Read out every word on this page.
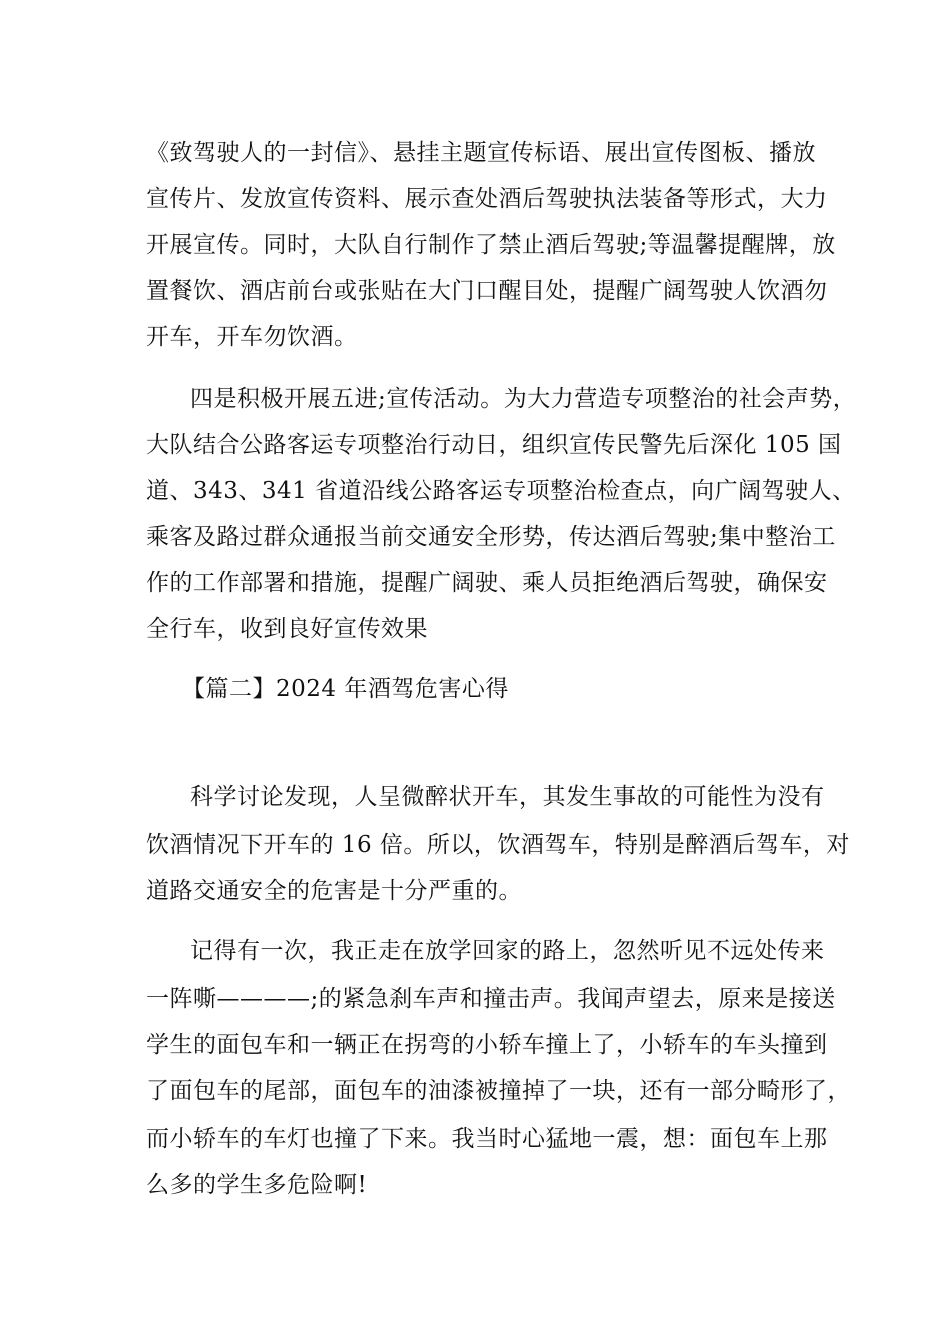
《致驾驶人的一封信》、悬挂主题宣传标语、展出宣传图板、播放
宣传片、发放宣传资料、展示查处酒后驾驶执法装备等形式，大力
开展宣传。同时，大队自行制作了禁止酒后驾驶;等温馨提醒牌，放
置餐饮、酒店前台或张贴在大门口醒目处，提醒广阔驾驶人饮酒勿
开车，开车勿饮酒。
四是积极开展五进;宣传活动。为大力营造专项整治的社会声势，
大队结合公路客运专项整治行动日，组织宣传民警先后深化 105 国
道、343、341 省道沿线公路客运专项整治检查点，向广阔驾驶人、
乘客及路过群众通报当前交通安全形势，传达酒后驾驶;集中整治工
作的工作部署和措施，提醒广阔驶、乘人员拒绝酒后驾驶，确保安
全行车，收到良好宣传效果
【篇二】2024 年酒驾危害心得
科学讨论发现，人呈微醉状开车，其发生事故的可能性为没有
饮酒情况下开车的 16 倍。所以，饮酒驾车，特别是醉酒后驾车，对
道路交通安全的危害是十分严重的。
记得有一次，我正走在放学回家的路上，忽然听见不远处传来
一阵嘶————;的紧急刹车声和撞击声。我闻声望去，原来是接送
学生的面包车和一辆正在拐弯的小轿车撞上了，小轿车的车头撞到
了面包车的尾部，面包车的油漆被撞掉了一块，还有一部分畸形了，
而小轿车的车灯也撞了下来。我当时心猛地一震，想：面包车上那
么多的学生多危险啊!
